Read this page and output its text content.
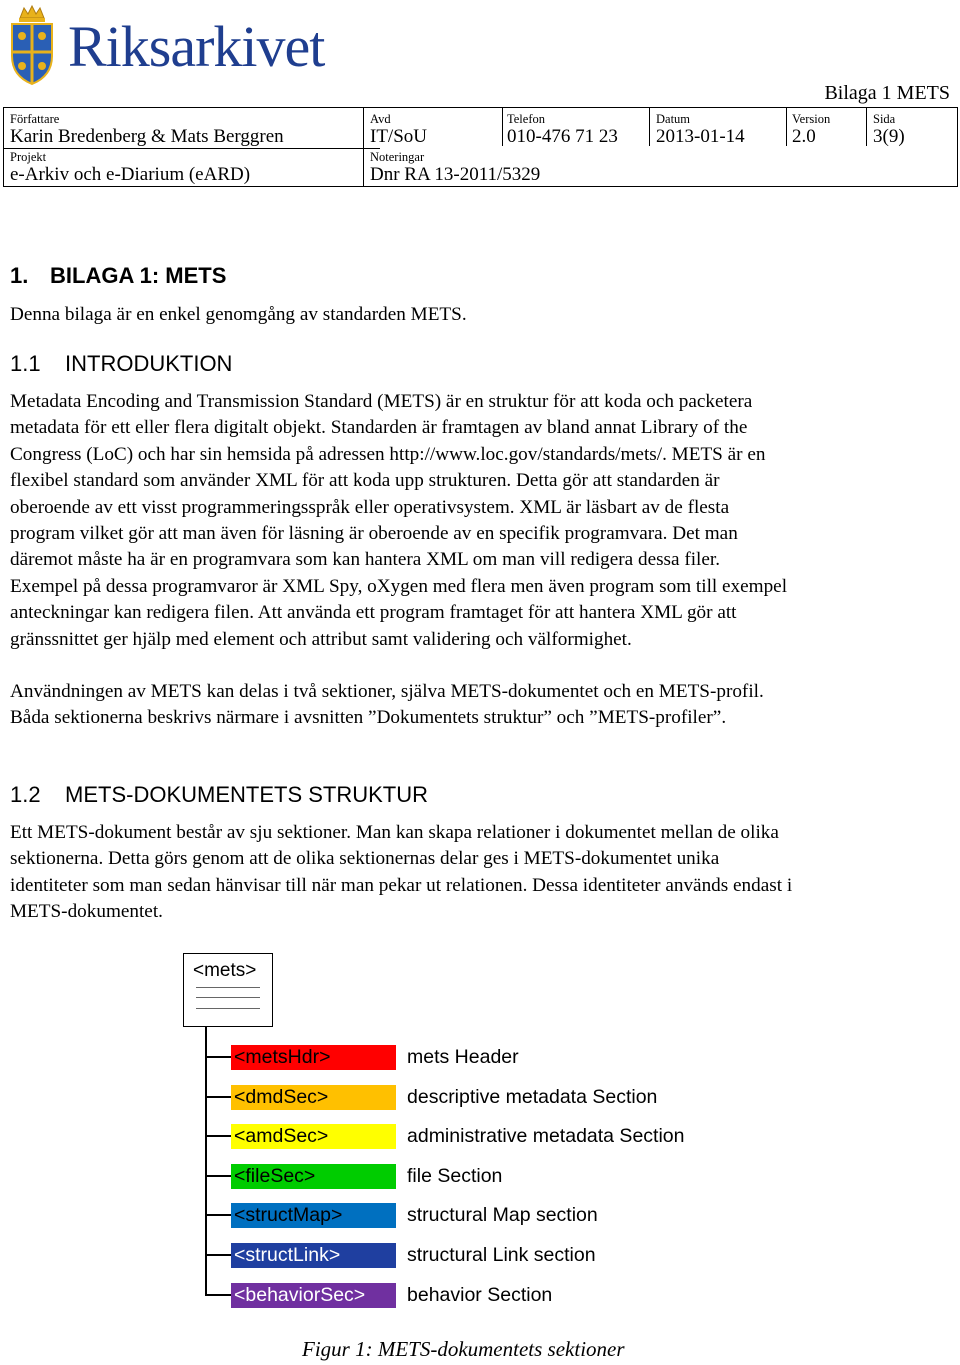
Riksarkivet
Bilaga 1 METS
Författare
Karin Bredenberg & Mats Berggren
Avd
IT/SoU
Telefon
010-476 71 23
Datum
2013-01-14
Version
2.0
Sida
3(9)
Projekt
e-Arkiv och e-Diarium (eARD)
Noteringar
Dnr RA 13-2011/5329
1. BILAGA 1: METS
Denna bilaga är en enkel genomgång av standarden METS.
1.1 INTRODUKTION
Metadata Encoding and Transmission Standard (METS) är en struktur för att koda och packetera
metadata för ett eller flera digitalt objekt. Standarden är framtagen av bland annat Library of the
Congress (LoC) och har sin hemsida på adressen http://www.loc.gov/standards/mets/. METS är en
flexibel standard som använder XML för att koda upp strukturen. Detta gör att standarden är
oberoende av ett visst programmeringsspråk eller operativsystem. XML är läsbart av de flesta
program vilket gör att man även för läsning är oberoende av en specifik programvara. Det man
däremot måste ha är en programvara som kan hantera XML om man vill redigera dessa filer.
Exempel på dessa programvaror är XML Spy, oXygen med flera men även program som till exempel
anteckningar kan redigera filen. Att använda ett program framtaget för att hantera XML gör att
gränssnittet ger hjälp med element och attribut samt validering och välformighet.
Användningen av METS kan delas i två sektioner, själva METS-dokumentet och en METS-profil.
Båda sektionerna beskrivs närmare i avsnitten ”Dokumentets struktur” och ”METS-profiler”.
1.2 METS-DOKUMENTETS STRUKTUR
Ett METS-dokument består av sju sektioner. Man kan skapa relationer i dokumentet mellan de olika
sektionerna. Detta görs genom att de olika sektionernas delar ges i METS-dokumentet unika
identiteter som man sedan hänvisar till när man pekar ut relationen. Dessa identiteter används endast i
METS-dokumentet.
<mets>
<metsHdr>	mets Header
<dmdSec>	descriptive metadata Section
<amdSec>	administrative metadata Section
<fileSec>	file Section
<structMap>	structural Map section
<structLink>	structural Link section
<behaviorSec>	behavior Section
Figur 1: METS-dokumentets sektioner
